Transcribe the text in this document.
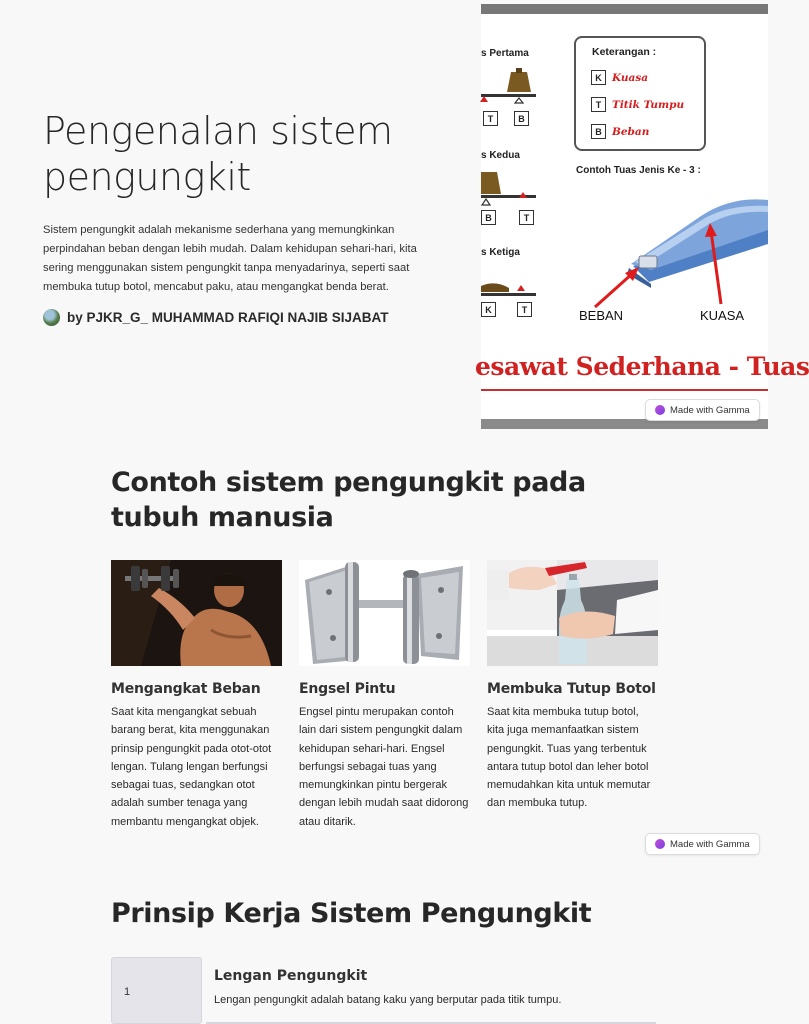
Pengenalan sistem pengungkit

Sistem pengungkit adalah mekanisme sederhana yang memungkinkan perpindahan beban dengan lebih mudah. Dalam kehidupan sehari-hari, kita sering menggunakan sistem pengungkit tanpa menyadarinya, seperti saat membuka tutup botol, mencabut paku, atau mengangkat benda berat.

by PJKR_G_ MUHAMMAD RAFIQI NAJIB SIJABAT
s Pertama
T	B
s Kedua
B	T
s Ketiga
K	T
Keterangan :
K Kuasa
T	Titik Tumpu
B Beban
Contoh Tuas Jenis Ke - 3 :
BEBAN	KUASA
esawat Sederhana - Tuas
Made with Gamma
Contoh sistem pengungkit pada tubuh manusia
Mengangkat Beban

Saat kita mengangkat sebuah barang berat, kita menggunakan prinsip pengungkit pada otot-otot lengan. Tulang lengan berfungsi sebagai tuas, sedangkan otot adalah sumber tenaga yang membantu mengangkat objek.

Engsel Pintu

Engsel pintu merupakan contoh lain dari sistem pengungkit dalam kehidupan sehari-hari. Engsel berfungsi sebagai tuas yang memungkinkan pintu bergerak dengan lebih mudah saat didorong atau ditarik.

Membuka Tutup Botol

Saat kita membuka tutup botol, kita juga memanfaatkan sistem pengungkit. Tuas yang terbentuk antara tutup botol dan leher botol memudahkan kita untuk memutar dan membuka tutup.

Made with Gamma
Prinsip Kerja Sistem Pengungkit
1
Lengan Pengungkit

Lengan pengungkit adalah batang kaku yang berputar pada titik tumpu.
